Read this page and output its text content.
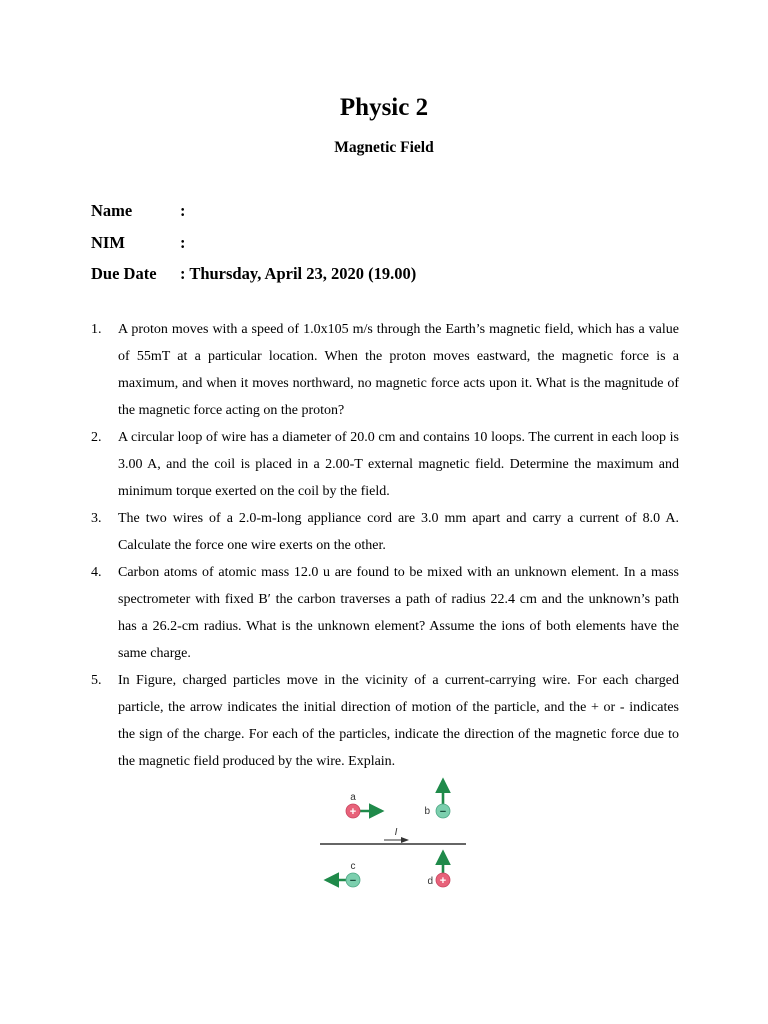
Physic 2
Magnetic Field
Name	:
NIM	:
Due Date : Thursday, April 23, 2020 (19.00)
1. A proton moves with a speed of 1.0x105 m/s through the Earth’s magnetic field, which has a value of 55mT at a particular location. When the proton moves eastward, the magnetic force is a maximum, and when it moves northward, no magnetic force acts upon it. What is the magnitude of the magnetic force acting on the proton?
2. A circular loop of wire has a diameter of 20.0 cm and contains 10 loops. The current in each loop is 3.00 A, and the coil is placed in a 2.00-T external magnetic field. Determine the maximum and minimum torque exerted on the coil by the field.
3. The two wires of a 2.0-m-long appliance cord are 3.0 mm apart and carry a current of 8.0 A. Calculate the force one wire exerts on the other.
4. Carbon atoms of atomic mass 12.0 u are found to be mixed with an unknown element. In a mass spectrometer with fixed B′ the carbon traverses a path of radius 22.4 cm and the unknown’s path has a 26.2-cm radius. What is the unknown element? Assume the ions of both elements have the same charge.
5. In Figure, charged particles move in the vicinity of a current-carrying wire. For each charged particle, the arrow indicates the initial direction of motion of the particle, and the + or - indicates the sign of the charge. For each of the particles, indicate the direction of the magnetic force due to the magnetic field produced by the wire. Explain.
I
a
+	b −
c
−	d +
